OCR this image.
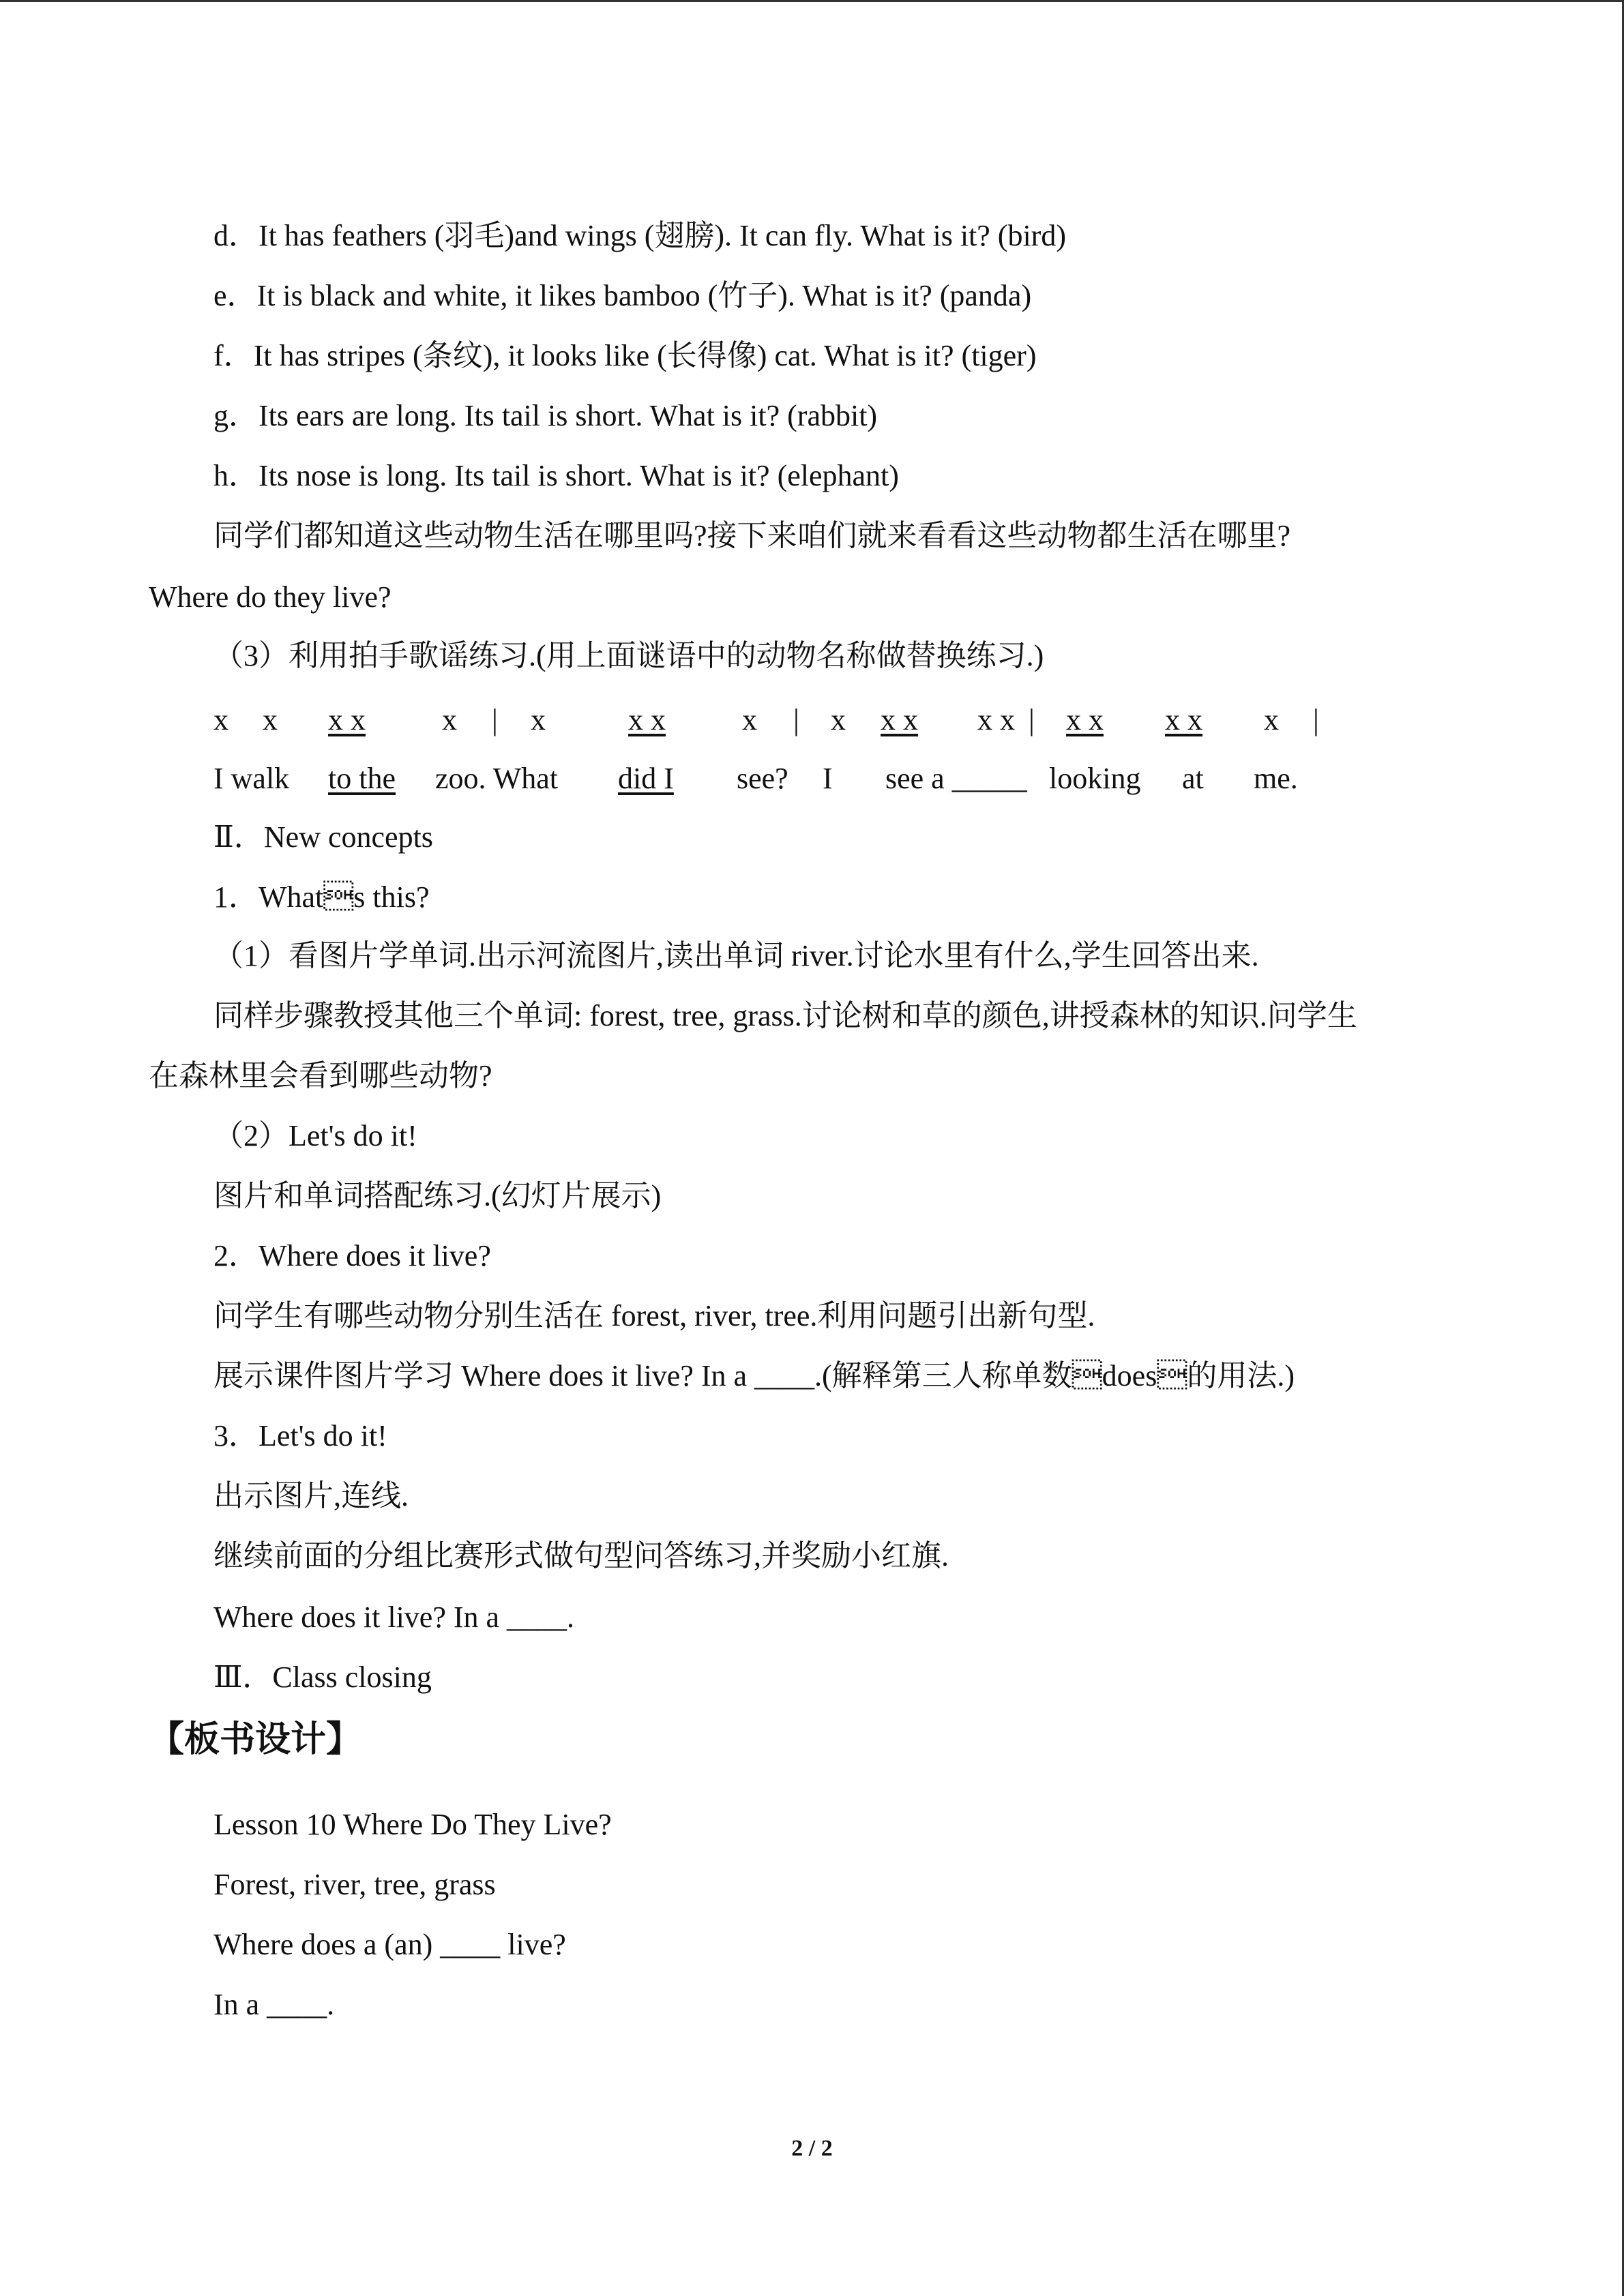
d．It has feathers (羽毛)and wings (翅膀). It can fly. What is it? (bird)
e．It is black and white, it likes bamboo (竹子). What is it? (panda)
f．It has stripes (条纹), it looks like (长得像) cat. What is it? (tiger)
g．Its ears are long. Its tail is short. What is it? (rabbit)
h．Its nose is long. Its tail is short. What is it? (elephant)
同学们都知道这些动物生活在哪里吗?接下来咱们就来看看这些动物都生活在哪里?
Where do they live?
（3）利用拍手歌谣练习.(用上面谜语中的动物名称做替换练习.)
x x x x	x | x	x x	x | x x x	x x | x x	x x	x |
I walk to the	zoo. What did I	see? I see a _____ looking at me.
Ⅱ．New concepts
1．Whats this?
（1）看图片学单词.出示河流图片,读出单词 river.讨论水里有什么,学生回答出来.
同样步骤教授其他三个单词: forest, tree, grass.讨论树和草的颜色,讲授森林的知识.问学生
在森林里会看到哪些动物?
（2）Let's do it!
图片和单词搭配练习.(幻灯片展示)
2．Where does it live?
问学生有哪些动物分别生活在 forest, river, tree.利用问题引出新句型.
展示课件图片学习 Where does it live? In a ____.(解释第三人称单数does的用法.)
3．Let's do it!
出示图片,连线.
继续前面的分组比赛形式做句型问答练习,并奖励小红旗.
Where does it live? In a ____.
Ⅲ．Class closing
【板书设计】
Lesson 10 Where Do They Live?
Forest, river, tree, grass
Where does a (an) ____ live?
In a ____.
2 / 2
